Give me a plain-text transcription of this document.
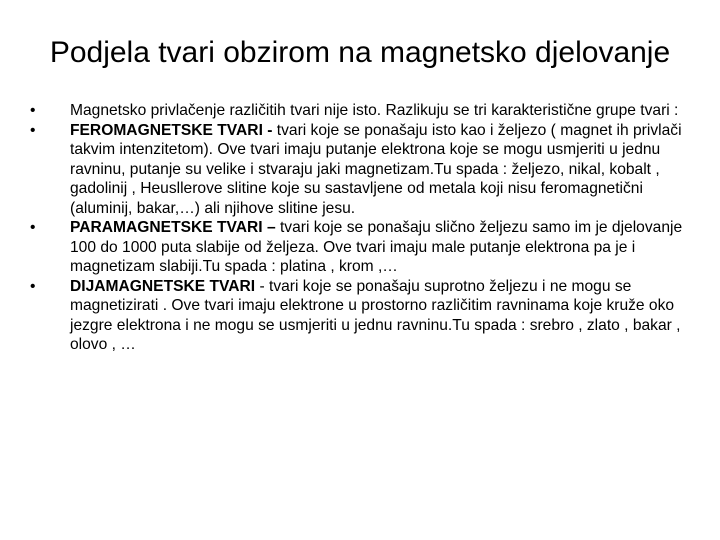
Podjela tvari obzirom na magnetsko djelovanje
• Magnetsko privlačenje različitih tvari nije isto. Razlikuju se tri karakteristične grupe tvari :
• FEROMAGNETSKE TVARI - tvari koje se ponašaju isto kao i željezo ( magnet ih privlači takvim intenzitetom). Ove tvari imaju putanje elektrona koje se mogu usmjeriti u jednu ravninu, putanje su velike i stvaraju jaki magnetizam.Tu spada : željezo, nikal, kobalt , gadolinij , Heusllerove slitine koje su sastavljene od metala koji nisu feromagnetični (aluminij, bakar,…) ali njihove slitine jesu.
• PARAMAGNETSKE TVARI – tvari koje se ponašaju slično željezu samo im je djelovanje 100 do 1000 puta slabije od željeza. Ove tvari imaju male putanje elektrona pa je i magnetizam slabiji.Tu spada : platina , krom ,…
• DIJAMAGNETSKE TVARI - tvari koje se ponašaju suprotno željezu i ne mogu se magnetizirati . Ove tvari imaju elektrone u prostorno različitim ravninama koje kruže oko jezgre elektrona i ne mogu se usmjeriti u jednu ravninu.Tu spada : srebro , zlato , bakar , olovo , …
